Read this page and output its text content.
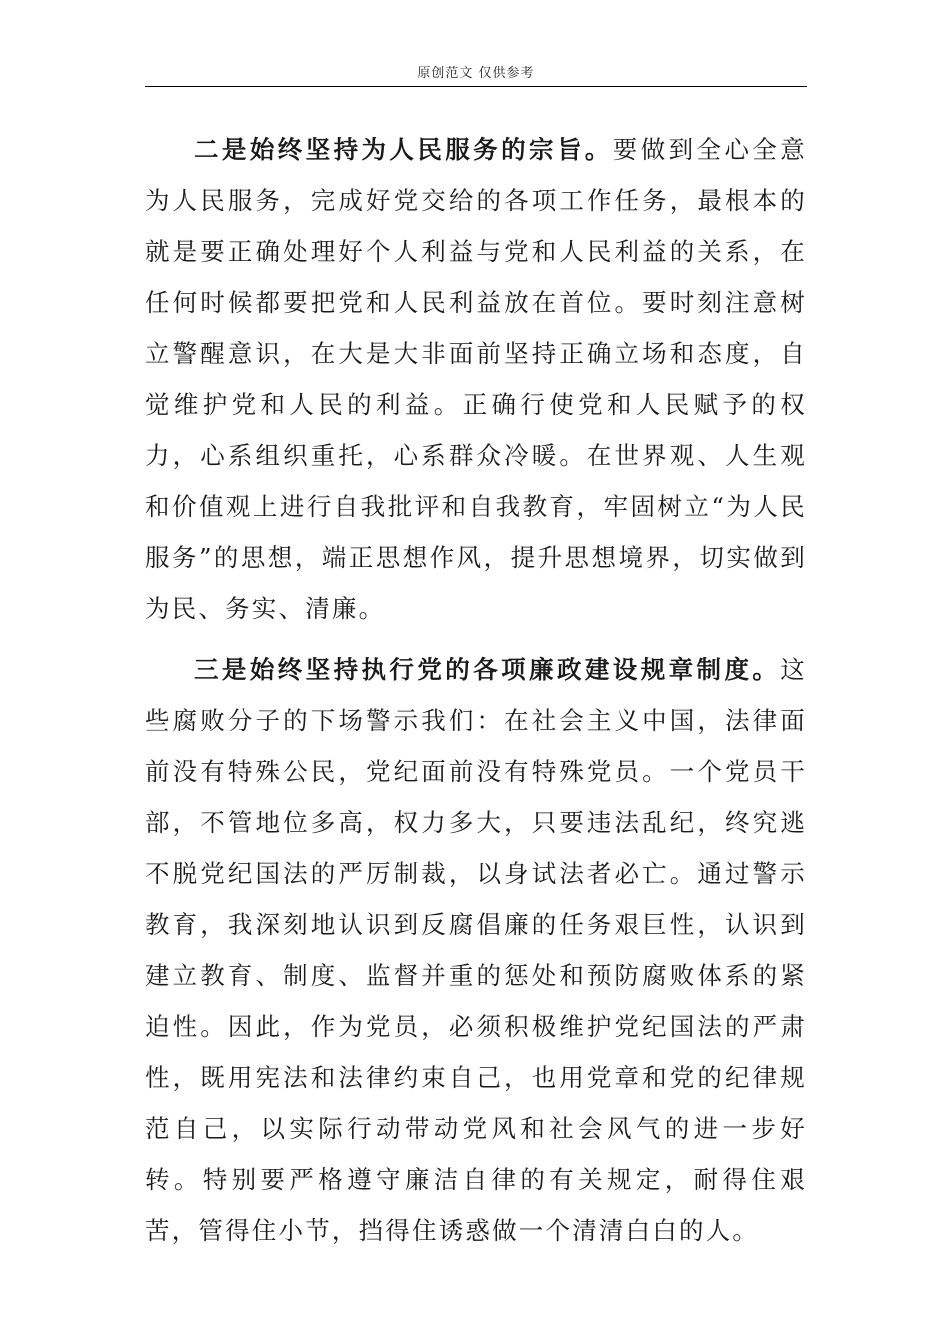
原创范文 仅供参考

二是始终坚持为人民服务的宗旨。要做到全心全意为人民服务，完成好党交给的各项工作任务，最根本的就是要正确处理好个人利益与党和人民利益的关系，在任何时候都要把党和人民利益放在首位。要时刻注意树立警醒意识，在大是大非面前坚持正确立场和态度，自觉维护党和人民的利益。正确行使党和人民赋予的权力，心系组织重托，心系群众冷暖。在世界观、人生观和价值观上进行自我批评和自我教育，牢固树立“为人民服务”的思想，端正思想作风，提升思想境界，切实做到为民、务实、清廉。

三是始终坚持执行党的各项廉政建设规章制度。这些腐败分子的下场警示我们：在社会主义中国，法律面前没有特殊公民，党纪面前没有特殊党员。一个党员干部，不管地位多高，权力多大，只要违法乱纪，终究逃不脱党纪国法的严厉制裁，以身试法者必亡。通过警示教育，我深刻地认识到反腐倡廉的任务艰巨性，认识到建立教育、制度、监督并重的惩处和预防腐败体系的紧迫性。因此，作为党员，必须积极维护党纪国法的严肃性，既用宪法和法律约束自己，也用党章和党的纪律规范自己，以实际行动带动党风和社会风气的进一步好转。特别要严格遵守廉洁自律的有关规定，耐得住艰苦，管得住小节，挡得住诱惑做一个清清白白的人。
